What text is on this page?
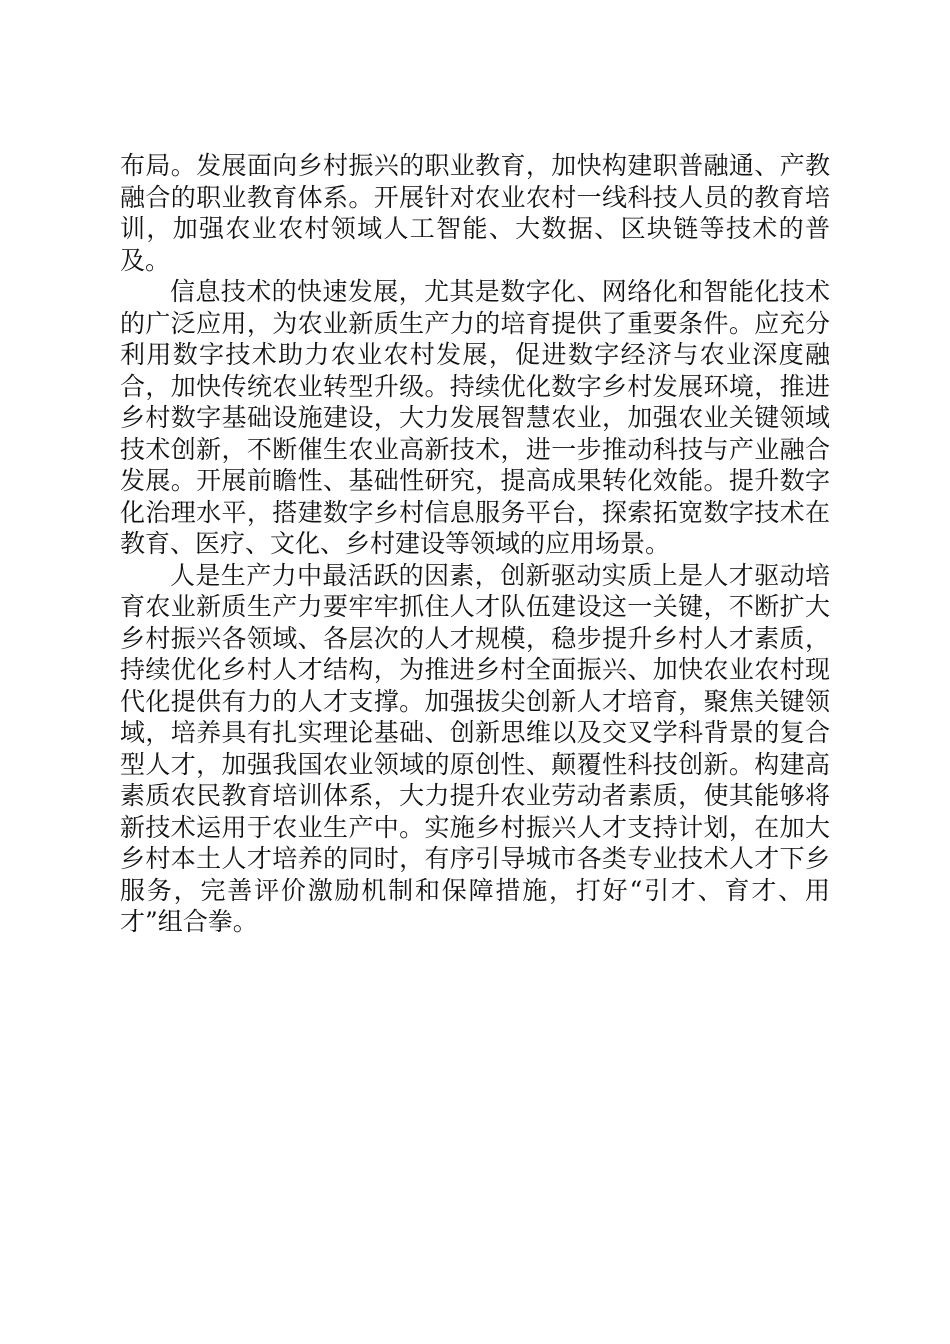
布局。发展面向乡村振兴的职业教育，加快构建职普融通、产教融合的职业教育体系。开展针对农业农村一线科技人员的教育培训，加强农业农村领域人工智能、大数据、区块链等技术的普及。

信息技术的快速发展，尤其是数字化、网络化和智能化技术的广泛应用，为农业新质生产力的培育提供了重要条件。应充分利用数字技术助力农业农村发展，促进数字经济与农业深度融合，加快传统农业转型升级。持续优化数字乡村发展环境，推进乡村数字基础设施建设，大力发展智慧农业，加强农业关键领域技术创新，不断催生农业高新技术，进一步推动科技与产业融合发展。开展前瞻性、基础性研究，提高成果转化效能。提升数字化治理水平，搭建数字乡村信息服务平台，探索拓宽数字技术在教育、医疗、文化、乡村建设等领域的应用场景。

人是生产力中最活跃的因素，创新驱动实质上是人才驱动培育农业新质生产力要牢牢抓住人才队伍建设这一关键，不断扩大乡村振兴各领域、各层次的人才规模，稳步提升乡村人才素质，持续优化乡村人才结构，为推进乡村全面振兴、加快农业农村现代化提供有力的人才支撑。加强拔尖创新人才培育，聚焦关键领域，培养具有扎实理论基础、创新思维以及交叉学科背景的复合型人才，加强我国农业领域的原创性、颠覆性科技创新。构建高素质农民教育培训体系，大力提升农业劳动者素质，使其能够将新技术运用于农业生产中。实施乡村振兴人才支持计划，在加大乡村本土人才培养的同时，有序引导城市各类专业技术人才下乡服务，完善评价激励机制和保障措施，打好“引才、育才、用才”组合拳。
